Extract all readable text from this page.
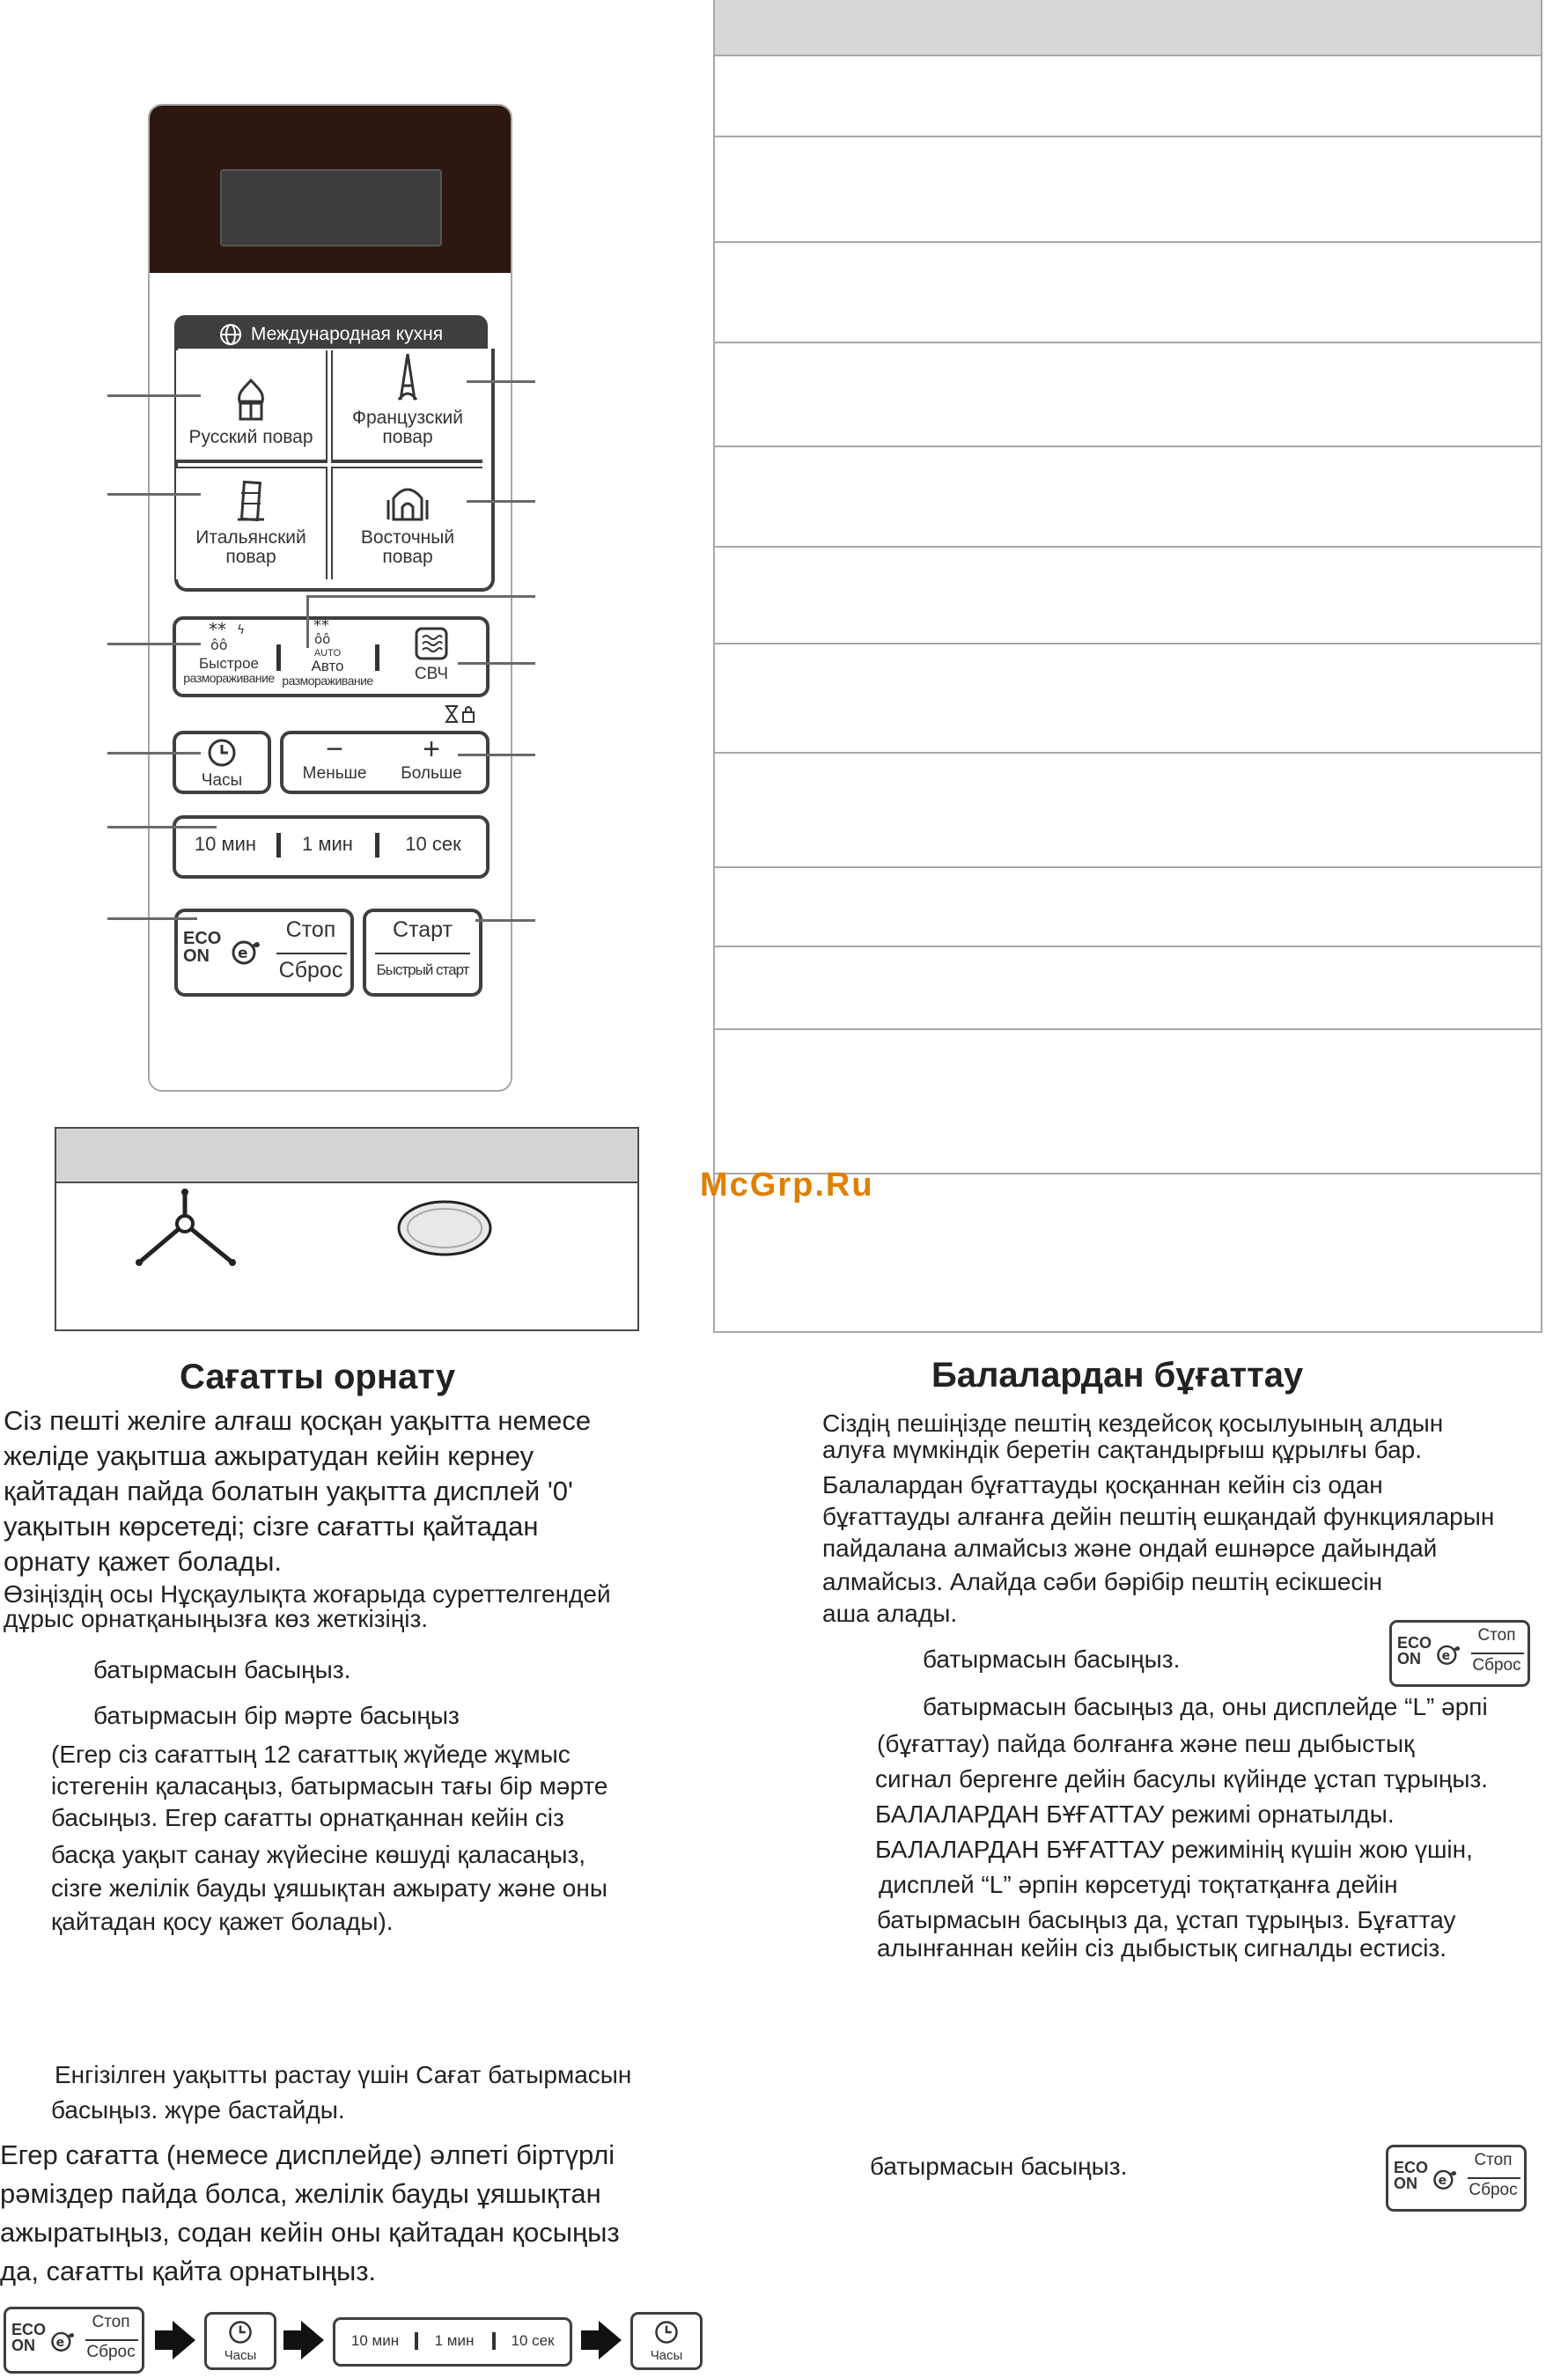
Международная кухня
Русский повар
Французский
повар
Итальянский
повар
Восточный
повар
** ϟ
ôô
Быстрое
размораживание
**
ôô
AUTO
Авто
размораживание	СВЧ
Часы
−
Меньше
+
Больше
10 мин	1 мин	10 сек
ECO
ON	e
Стоп
Сброс
Старт
Быстрый старт
McGrp.Ru
Сағатты орнату
Сіз пешті желіге алғаш қосқан уақытта немесе
желіде уақытша ажыратудан кейін кернеу
қайтадан пайда болатын уақытта дисплей '0'
уақытын көрсетеді; сізге сағатты қайтадан
орнату қажет болады.
Өзіңіздің осы Нұсқаулықта жоғарыда суреттелгендей
дұрыс орнатқаныңызға көз жеткізіңіз.
батырмасын басыңыз.
батырмасын бір мәрте басыңыз
(Егер сіз сағаттың 12 сағаттық жүйеде жұмыс
істегенін қаласаңыз, батырмасын тағы бір мәрте
басыңыз. Егер сағатты орнатқаннан кейін сіз
басқа уақыт санау жүйесіне көшуді қаласаңыз,
сізге желілік бауды ұяшықтан ажырату және оны
қайтадан қосу қажет болады).
Енгізілген уақытты растау үшін Сағат батырмасын
басыңыз. жүре бастайды.
Егер сағатта (немесе дисплейде) әлпеті біртүрлі
рәміздер пайда болса, желілік бауды ұяшықтан
ажыратыңыз, содан кейін оны қайтадан қосыңыз
да, сағатты қайта орнатыңыз.
ECO
ON	e
Стоп
Сброс	Часы
10 мин	1 мин	10 сек
Часы
Балалардан бұғаттау
Сіздің пешіңізде пештің кездейсоқ қосылуының алдын
алуға мүмкіндік беретін сақтандырғыш құрылғы бар.
Балалардан бұғаттауды қосқаннан кейін сіз одан
бұғаттауды алғанға дейін пештің ешқандай функцияларын
пайдалана алмайсыз және ондай ешнәрсе дайындай
алмайсыз. Алайда сәби бәрібір пештің есікшесін
аша алады.
батырмасын басыңыз.
ECO
ON	e
Стоп
Сброс
батырмасын басыңыз да, оны дисплейде “L” әрпі
(бұғаттау) пайда болғанға және пеш дыбыстық
сигнал бергенге дейін басулы күйінде ұстап тұрыңыз.
БАЛАЛАРДАН БҰҒАТТАУ режимі орнатылды.
БАЛАЛАРДАН БҰҒАТТАУ режимінің күшін жою үшін,
дисплей “L” әрпін көрсетуді тоқтатқанға дейін
батырмасын басыңыз да, ұстап тұрыңыз. Бұғаттау
алынғаннан кейін сіз дыбыстық сигналды естисіз.
батырмасын басыңыз.	ECO
ON	e
Стоп
Сброс
